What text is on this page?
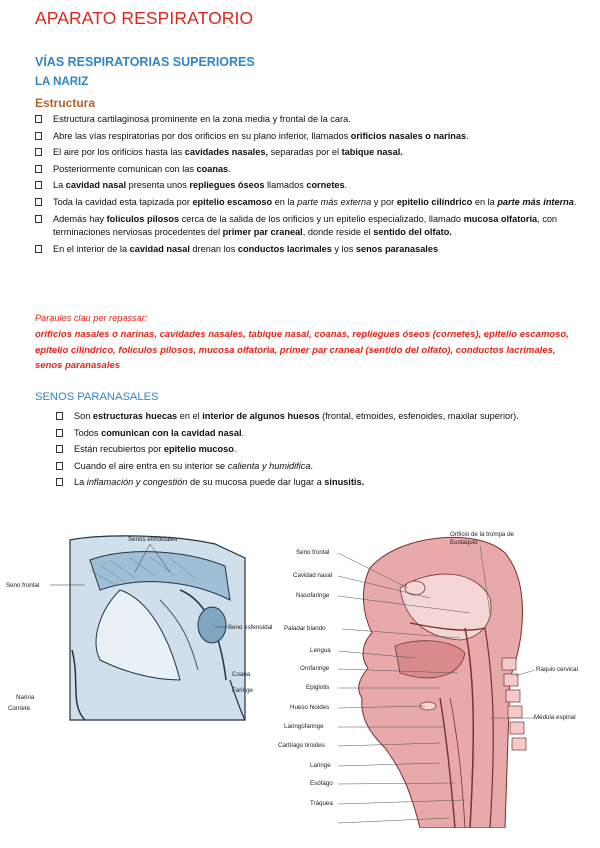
APARATO RESPIRATORIO
VÍAS RESPIRATORIAS SUPERIORES
LA NARIZ
Estructura
Estructura cartilaginosa prominente en la zona media y frontal de la cara.
Abre las vías respiratorias por dos orificios en su plano inferior, llamados orificios nasales o narinas.
El aire por los orificios hasta las cavidades nasales, separadas por el tabique nasal.
Posteriormente comunican con las coanas.
La cavidad nasal presenta unos repliegues óseos llamados cornetes.
Toda la cavidad esta tapizada por epitelio escamoso en la parte más externa y por epitelio cilíndrico en la parte más interna.
Además hay folículos pilosos cerca de la salida de los orificios y un epitelio especializado, llamado mucosa olfatoria, con terminaciones nerviosas procedentes del primer par craneal, donde reside el sentido del olfato.
En el interior de la cavidad nasal drenan los conductos lacrimales y los senos paranasales
Paraules clau per repassar:
orificios nasales o narinas, cavidades nasales, tabique nasal, coanas, repliegues óseos (cornetes), epitelio escamoso, epitelio cilíndrico, folículos pilosos, mucosa olfatoria, primer par craneal (sentido del olfato), conductos lacrimales, senos paranasales
SENOS PARANASALES
Son estructuras huecas en el interior de algunos huesos (frontal, etmoides, esfenoides, maxilar superior).
Todos comunican con la cavidad nasal.
Están recubiertos por epitelio mucoso.
Cuando el aire entra en su interior se calienta y humidifica.
La inflamación y congestión de su mucosa puede dar lugar a sinusitis.
Senos etmoidales
Seno frontal
Seno esfenoidal
Coana
Faringe
Narina
Cornete
Orificio de la trompa de Eustaquio
Seno frontal
Cavidad nasal
Nasofaringe
Paladar blando
Lengua
Orofaringe
Epiglotis
Hueso hioides
Laringofaringe
Cartílago tiroides
Laringe
Esófago
Tráquea
Raquis cervical
Médula espinal
